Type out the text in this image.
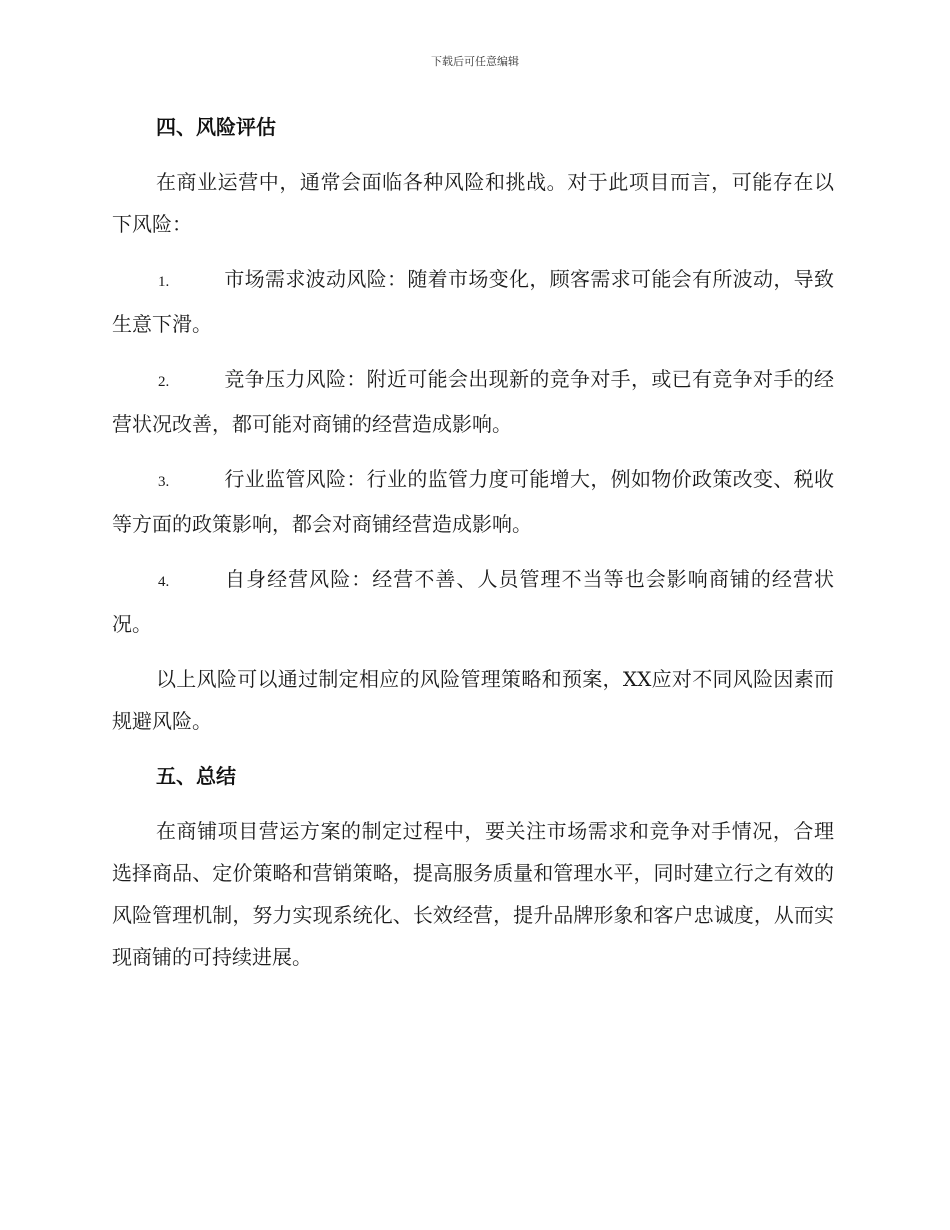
下载后可任意编辑
四、风险评估

在商业运营中，通常会面临各种风险和挑战。对于此项目而言，可能存在以下风险：

1.	市场需求波动风险：随着市场变化，顾客需求可能会有所波动，导致生意下滑。

2.	竞争压力风险：附近可能会出现新的竞争对手，或已有竞争对手的经营状况改善，都可能对商铺的经营造成影响。

3.	行业监管风险：行业的监管力度可能增大，例如物价政策改变、税收等方面的政策影响，都会对商铺经营造成影响。

4.	自身经营风险：经营不善、人员管理不当等也会影响商铺的经营状况。

以上风险可以通过制定相应的风险管理策略和预案，XX应对不同风险因素而规避风险。

五、总结

在商铺项目营运方案的制定过程中，要关注市场需求和竞争对手情况，合理选择商品、定价策略和营销策略，提高服务质量和管理水平，同时建立行之有效的风险管理机制，努力实现系统化、长效经营，提升品牌形象和客户忠诚度，从而实现商铺的可持续进展。
